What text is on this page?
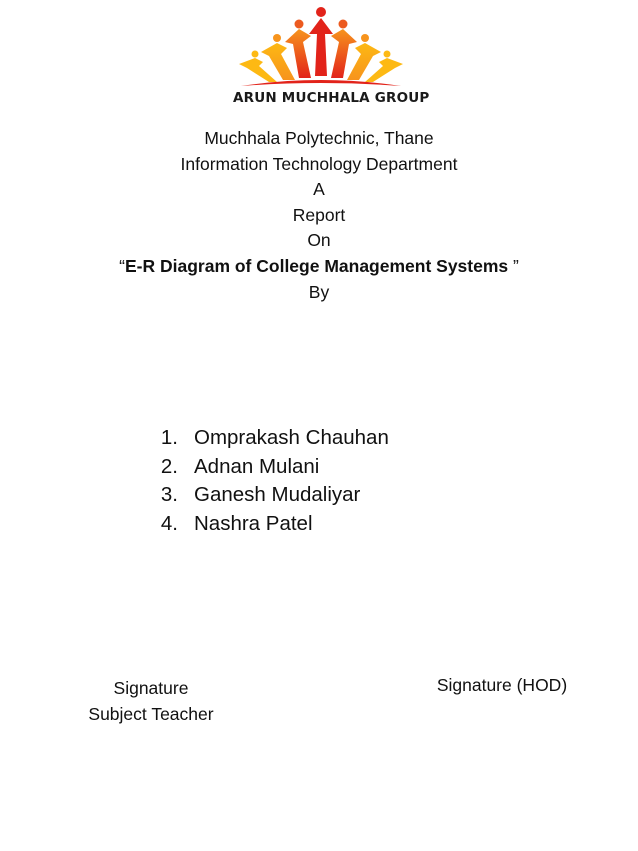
ARUN MUCHHALA GROUP
Muchhala Polytechnic, Thane
Information Technology Department
A
Report
On
“E-R Diagram of College Management Systems ”
By
1. Omprakash Chauhan
2. Adnan Mulani
3. Ganesh Mudaliyar
4. Nashra Patel
Signature
Subject Teacher
Signature (HOD)
